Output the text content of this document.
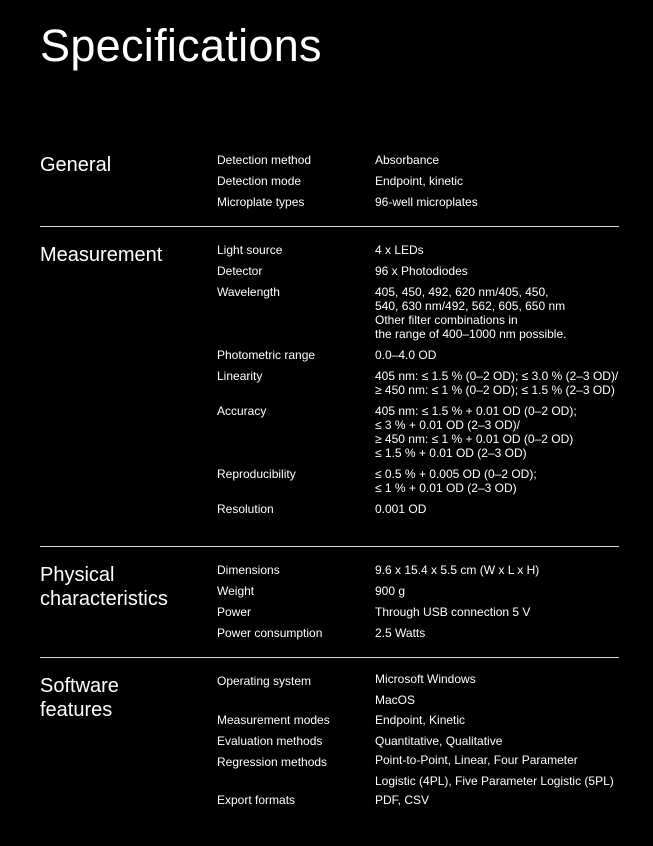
Specifications
General	Detection method	Absorbance
Detection mode	Endpoint, kinetic
Microplate types	96-well microplates
Measurement	Light source	4 x LEDs
Detector	96 x Photodiodes
Wavelength	405, 450, 492, 620 nm/405, 450,
540, 630 nm/492, 562, 605, 650 nm
Other filter combinations in
the range of 400–1000 nm possible.
Photometric range	0.0–4.0 OD
Linearity	405 nm: ≤ 1.5 % (0–2 OD); ≤ 3.0 % (2–3 OD)/
≥ 450 nm: ≤ 1 % (0–2 OD); ≤ 1.5 % (2–3 OD)
Accuracy	405 nm: ≤ 1.5 % + 0.01 OD (0–2 OD);
≤ 3 % + 0.01 OD (2–3 OD)/
≥ 450 nm: ≤ 1 % + 0.01 OD (0–2 OD)
≤ 1.5 % + 0.01 OD (2–3 OD)
Reproducibility	≤ 0.5 % + 0.005 OD (0–2 OD);
≤ 1 % + 0.01 OD (2–3 OD)
Resolution	0.001 OD
Physical
characteristics
Dimensions	9.6 x 15.4 x 5.5 cm (W x L x H)
Weight	900 g
Power	Through USB connection 5 V
Power consumption	2.5 Watts
Software
features
Operating system	Microsoft Windows

MacOS
Measurement modes	Endpoint, Kinetic
Evaluation methods	Quantitative, Qualitative
Regression methods	Point-to-Point, Linear, Four Parameter

Logistic (4PL), Five Parameter Logistic (5PL)
Export formats	PDF, CSV
